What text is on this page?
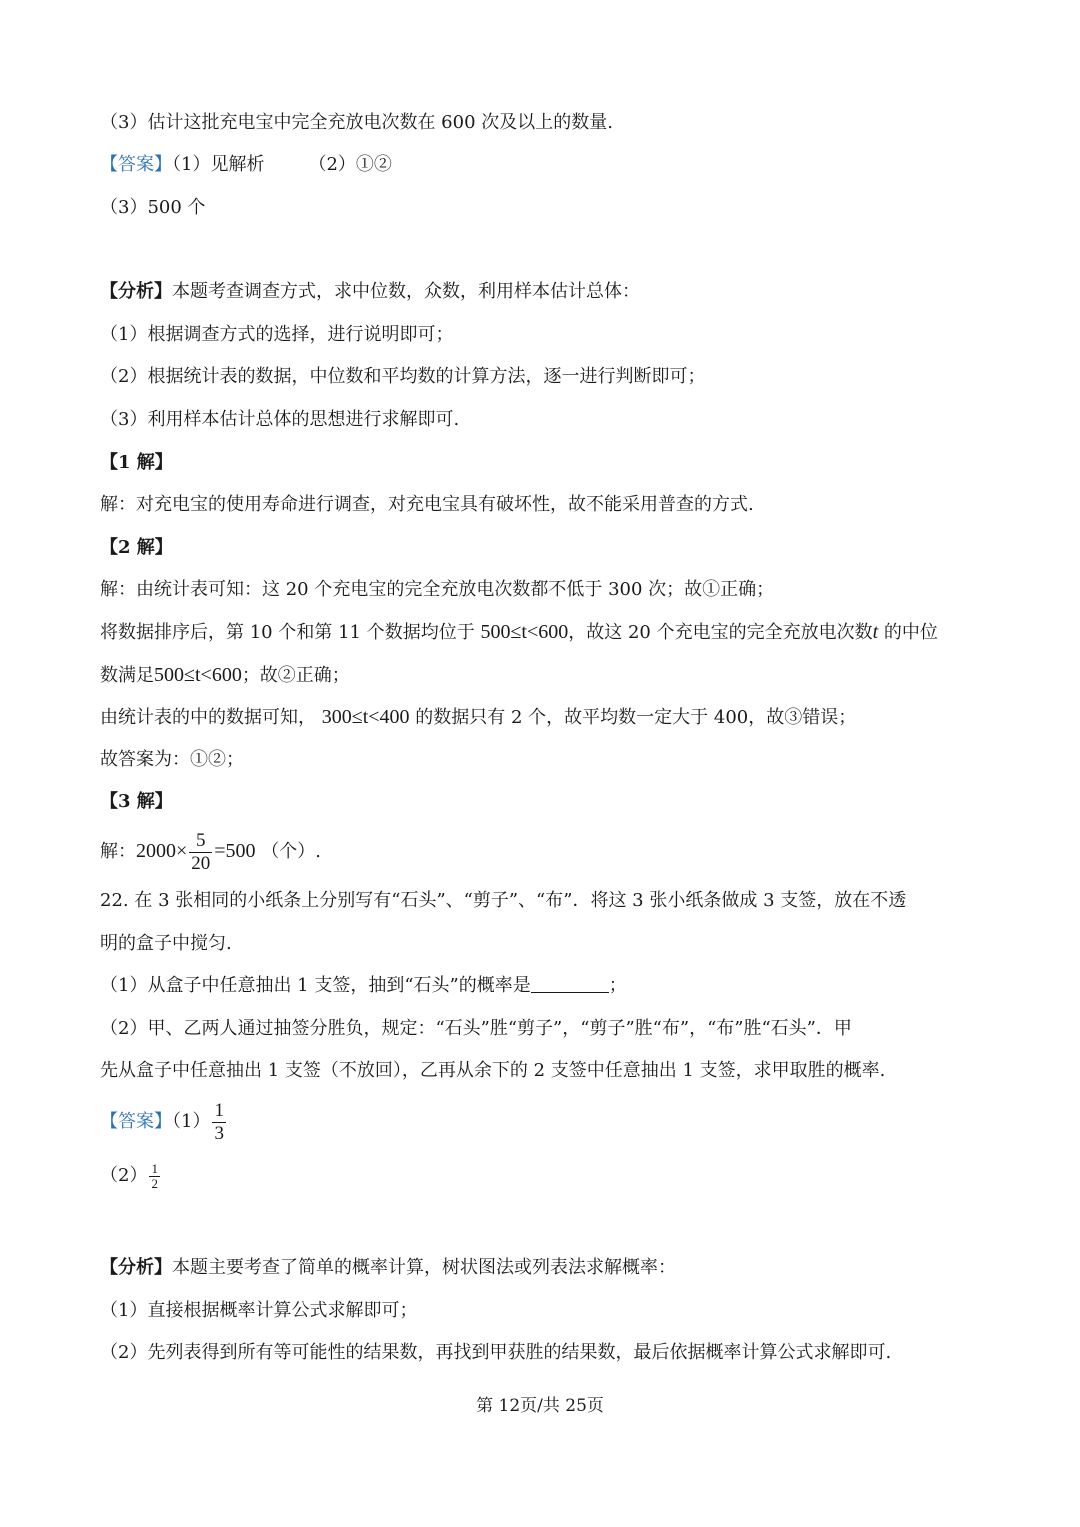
（3）估计这批充电宝中完全充放电次数在 600 次及以上的数量.
【答案】（1）见解析 （2）①②
（3）500 个
【分析】本题考查调查方式，求中位数，众数，利用样本估计总体：
（1）根据调查方式的选择，进行说明即可；
（2）根据统计表的数据，中位数和平均数的计算方法，逐一进行判断即可；
（3）利用样本估计总体的思想进行求解即可.
【1 解】
解：对充电宝的使用寿命进行调查，对充电宝具有破坏性，故不能采用普查的方式.
【2 解】
解：由统计表可知：这 20 个充电宝的完全充放电次数都不低于 300 次；故①正确；
将数据排序后，第 10 个和第 11 个数据均位于 500≤t<600，故这 20 个充电宝的完全充放电次数t 的中位
数满足500≤t<600；故②正确；
由统计表的中的数据可知， 300≤t<400 的数据只有 2 个，故平均数一定大于 400，故③错误；
故答案为：①②；
【3 解】
解：$2000\times \frac{5}{20} =500$ （个）.
22. 在 3 张相同的小纸条上分别写有“石头”、“剪子”、“布”．将这 3 张小纸条做成 3 支签，放在不透
明的盒子中搅匀.
（1）从盒子中任意抽出 1 支签，抽到“石头”的概率是	；
（2）甲、乙两人通过抽签分胜负，规定：“石头”胜“剪子”，“剪子”胜“布”，“布”胜“石头”．甲
先从盒子中任意抽出 1 支签（不放回），乙再从余下的 2 支签中任意抽出 1 支签，求甲取胜的概率.
【答案】$(1) \frac{1}{3}$
$(2) \frac{1}{2}$
【分析】本题主要考查了简单的概率计算，树状图法或列表法求解概率：
（1）直接根据概率计算公式求解即可；
（2）先列表得到所有等可能性的结果数，再找到甲获胜的结果数，最后依据概率计算公式求解即可.
第 12页/共 25页
